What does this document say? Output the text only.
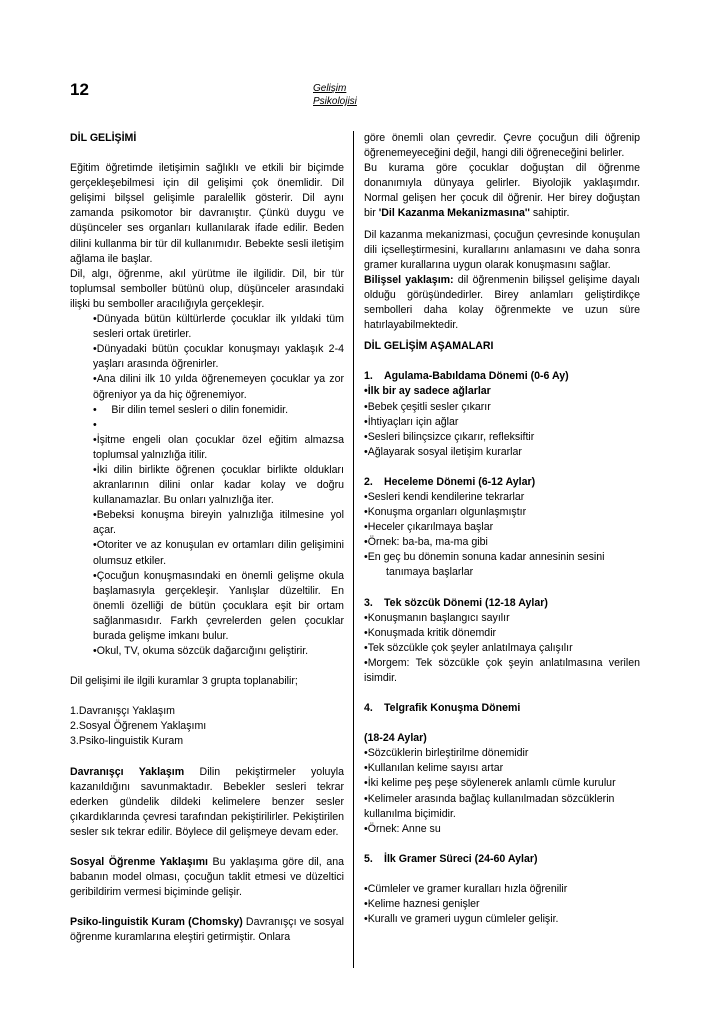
12	Gelişim
Psikolojisi
DİL GELİŞİMİ
Eğitim öğretimde iletişimin sağlıklı ve etkili bir biçimde gerçekleşebilmesi için dil gelişimi çok önemlidir. Dil gelişimi bilşsel gelişimle paralellik gösterir. Dil aynı zamanda psikomotor bir davranıştır. Çünkü duygu ve düşünceler ses organları kullanılarak ifade edilir. Beden dilini kullanma bir tür dil kullanımıdır. Bebekte sesli iletişim ağlama ile başlar.
Dil, algı, öğrenme, akıl yürütme ile ilgilidir. Dil, bir tür toplumsal semboller bütünü olup, düşünceler arasındaki ilişki bu semboller aracılığıyla gerçekleşir.
•Dünyada bütün kültürlerde çocuklar ilk yıldaki tüm sesleri ortak üretirler.
•Dünyadaki bütün çocuklar konuşmayı yaklaşık 2-4 yaşları arasında öğrenirler.
•Ana dilini ilk 10 yılda öğrenemeyen çocuklar ya zor öğreniyor ya da hiç öğrenemiyor.
•     Bir dilin temel sesleri o dilin fonemidir.
•
•İşitme engeli olan çocuklar özel eğitim almazsa toplumsal yalnızlığa itilir.
•İki dilin birlikte öğrenen çocuklar birlikte oldukları akranlarının dilini onlar kadar kolay ve doğru kullanamazlar. Bu onları yalnızlığa iter.
•Bebeksi konuşma bireyin yalnızlığa itilmesine yol açar.
•Otoriter ve az konuşulan ev ortamları dilin gelişimini olumsuz etkiler.
•Çocuğun konuşmasındaki en önemli gelişme okula başlamasıyla gerçekleşir. Yanlışlar düzeltilir. En önemli özelliği de bütün çocuklara eşit bir ortam sağlanmasıdır. Farkh çevrelerden gelen çocuklar burada gelişme imkanı bulur.
•Okul, TV, okuma sözcük dağarcığını geliştirir.
Dil gelişimi ile ilgili kuramlar 3 grupta toplanabilir;
1.Davranışçı Yaklaşım
2.Sosyal Öğrenem Yaklaşımı
3.Psiko-linguistik Kuram
Davranışçı Yaklaşım Dilin pekiştirmeler yoluyla kazanıldığını savunmaktadır. Bebekler sesleri tekrar ederken gündelik dildeki kelimelere benzer sesler çıkardıklarında çevresi tarafından pekiştirilirler. Pekiştirilen sesler sık tekrar edilir. Böylece dil gelişmeye devam eder.
Sosyal Öğrenme Yaklaşımı Bu yaklaşıma göre dil, ana babanın model olması, çocuğun taklit etmesi ve düzeltici geribildirim vermesi biçiminde gelişir.
Psiko-linguistik Kuram (Chomsky) Davranışçı ve sosyal öğrenme kuramlarına eleştiri getirmiştir. Onlara
göre önemli olan çevredir. Çevre çocuğun dili öğrenip öğrenemeyeceğini değil, hangi dili öğreneceğini belirler.
Bu kurama göre çocuklar doğuştan dil öğrenme donanımıyla dünyaya gelirler. Biyolojik yaklaşımdır. Normal gelişen her çocuk dil öğrenir. Her birey doğuştan bir 'Dil Kazanma Mekanizmasına'' sahiptir.
Dil kazanma mekanizmasi, çocuğun çevresinde konuşulan dili içselleştirmesini, kurallarını anlamasını ve daha sonra gramer kurallarına uygun olarak konuşmasını sağlar.
Bilişsel yaklaşım: dil öğrenmenin bilişsel gelişime dayalı olduğu görüşündedirler. Birey anlamları geliştirdikçe sembolleri daha kolay öğrenmekte ve uzun süre hatırlayabilmektedir.
DİL GELİŞİM AŞAMALARI
1. Agulama-Babıldama Dönemi (0-6 Ay)
•İlk bir ay sadece ağlarlar
•Bebek çeşitli sesler çıkarır
•İhtiyaçları için ağlar
•Sesleri bilinçsizce çıkarır, refleksiftir
•Ağlayarak sosyal iletişim kurarlar
2. Heceleme Dönemi (6-12 Aylar)
•Sesleri kendi kendilerine tekrarlar
•Konuşma organları olgunlaşmıştır
•Heceler çıkarılmaya başlar
•Örnek: ba-ba, ma-ma gibi
•En geç bu dönemin sonuna kadar annesinin sesini
tanımaya başlarlar
3. Tek sözcük Dönemi (12-18 Aylar)
•Konuşmanın başlangıcı sayılır
•Konuşmada kritik dönemdir
•Tek sözcükle çok şeyler anlatılmaya çalışılır
•Morgem: Tek sözcükle çok şeyin anlatılmasına verilen isimdir.
4. Telgrafik Konuşma Dönemi
(18-24 Aylar)
•Sözcüklerin birleştirilme dönemidir
•Kullanılan kelime sayısı artar
•İki kelime peş peşe söylenerek anlamlı cümle kurulur
•Kelimeler arasında bağlaç kullanılmadan sözcüklerin kullanılma biçimidir.
•Örnek: Anne su
5. İlk Gramer Süreci (24-60 Aylar)
•Cümleler ve gramer kuralları hızla öğrenilir
•Kelime haznesi genişler
•Kurallı ve grameri uygun cümleler gelişir.
